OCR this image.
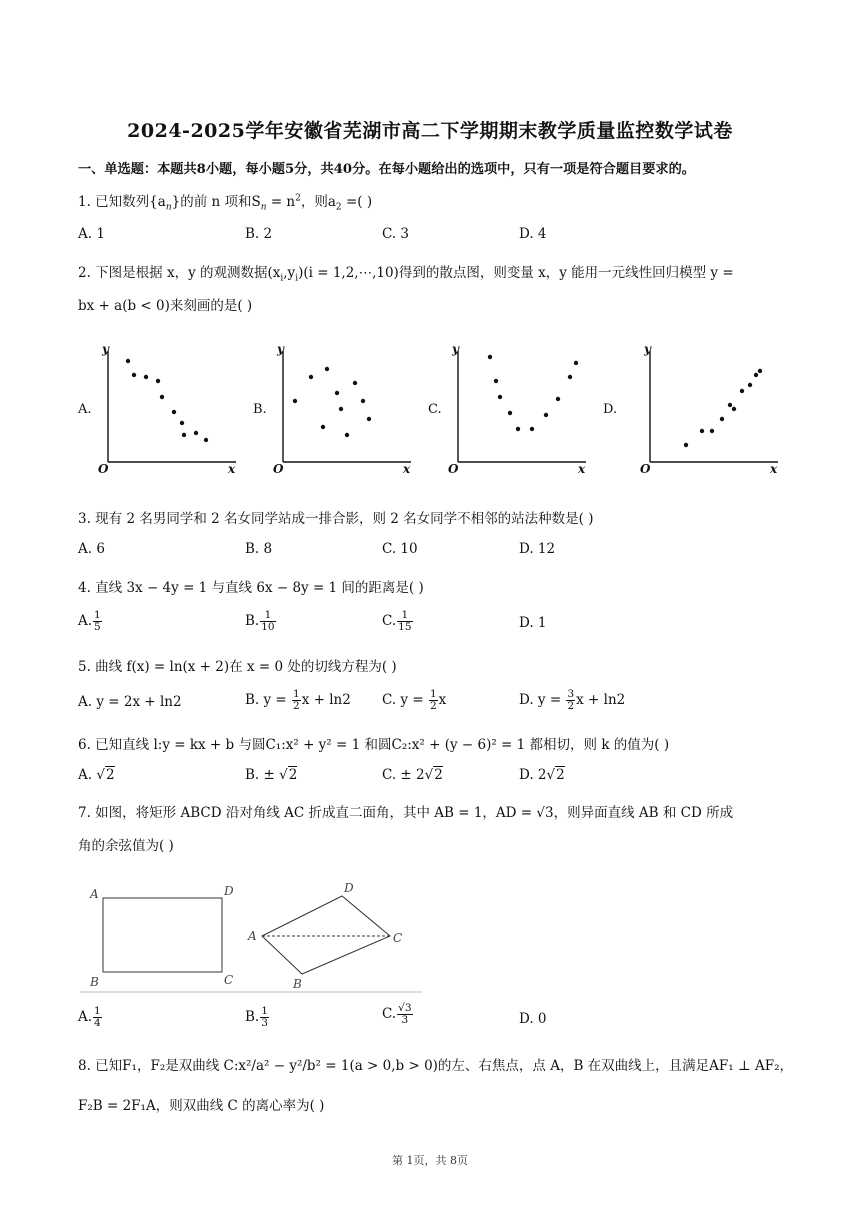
2024-2025学年安徽省芜湖市高二下学期期末教学质量监控数学试卷
一、单选题：本题共8小题，每小题5分，共40分。在每小题给出的选项中，只有一项是符合题目要求的。
1. 已知数列$\{a_n\}$的前 n 项和$S_n = n^2$，则$a_2$ =( )
A. 1	B. 2	C. 3	D. 4
2. 下图是根据 x，y 的观测数据$(x_i,y_i)(i$ = 1,2,⋯,10)得到的散点图，则变量 x，y 能用一元线性回归模型 y =
bx + a(b < 0)来刻画的是( )
A.
y
x
O
B.
y
x
O
C.
y
x
O
D.
y
x
O
3. 现有 2 名男同学和 2 名女同学站成一排合影，则 2 名女同学不相邻的站法种数是( )
A. 6	B. 8	C. 10	D. 12
4. 直线 3x − 4y = 1 与直线 6x − 8y = 1 间的距离是( )
A. $\frac{1}{5}$	B. $\frac{1}{10}$	C. $\frac{1}{15}$	D. 1
5. 曲线 f(x) = ln(x + 2)在 x = 0 处的切线方程为( )
A. y = 2x + ln2	B. $y = \frac{1}{2}$ x + ln2 C. $y = \frac{1}{2}$ x	D. $y = \frac{3}{2}$ x + ln2
6. 已知直线 l:y = kx + b 与圆C₁:x² + y² = 1 和圆C₂:x² + (y − 6)² = 1 都相切，则 k 的值为( )
A. √2	B. ± √2	C. ± 2√2	D. 2√2
7. 如图，将矩形 ABCD 沿对角线 AC 折成直二面角，其中 AB = 1，AD = √3，则异面直线 AB 和 CD 所成
角的余弦值为( )
A	D
B	C
A
D
C
B
A. $\frac{1}{4}$	B. $\frac{1}{3}$	C. $\frac{√3}{3}$	D. 0
8. 已知F₁，F₂是双曲线 C:x²/a² − y²/b² = 1(a > 0,b > 0)的左、右焦点，点 A，B 在双曲线上，且满足AF₁ ⊥ AF₂，
F₂B = 2F₁A，则双曲线 C 的离心率为( )
第 1页，共 8页
